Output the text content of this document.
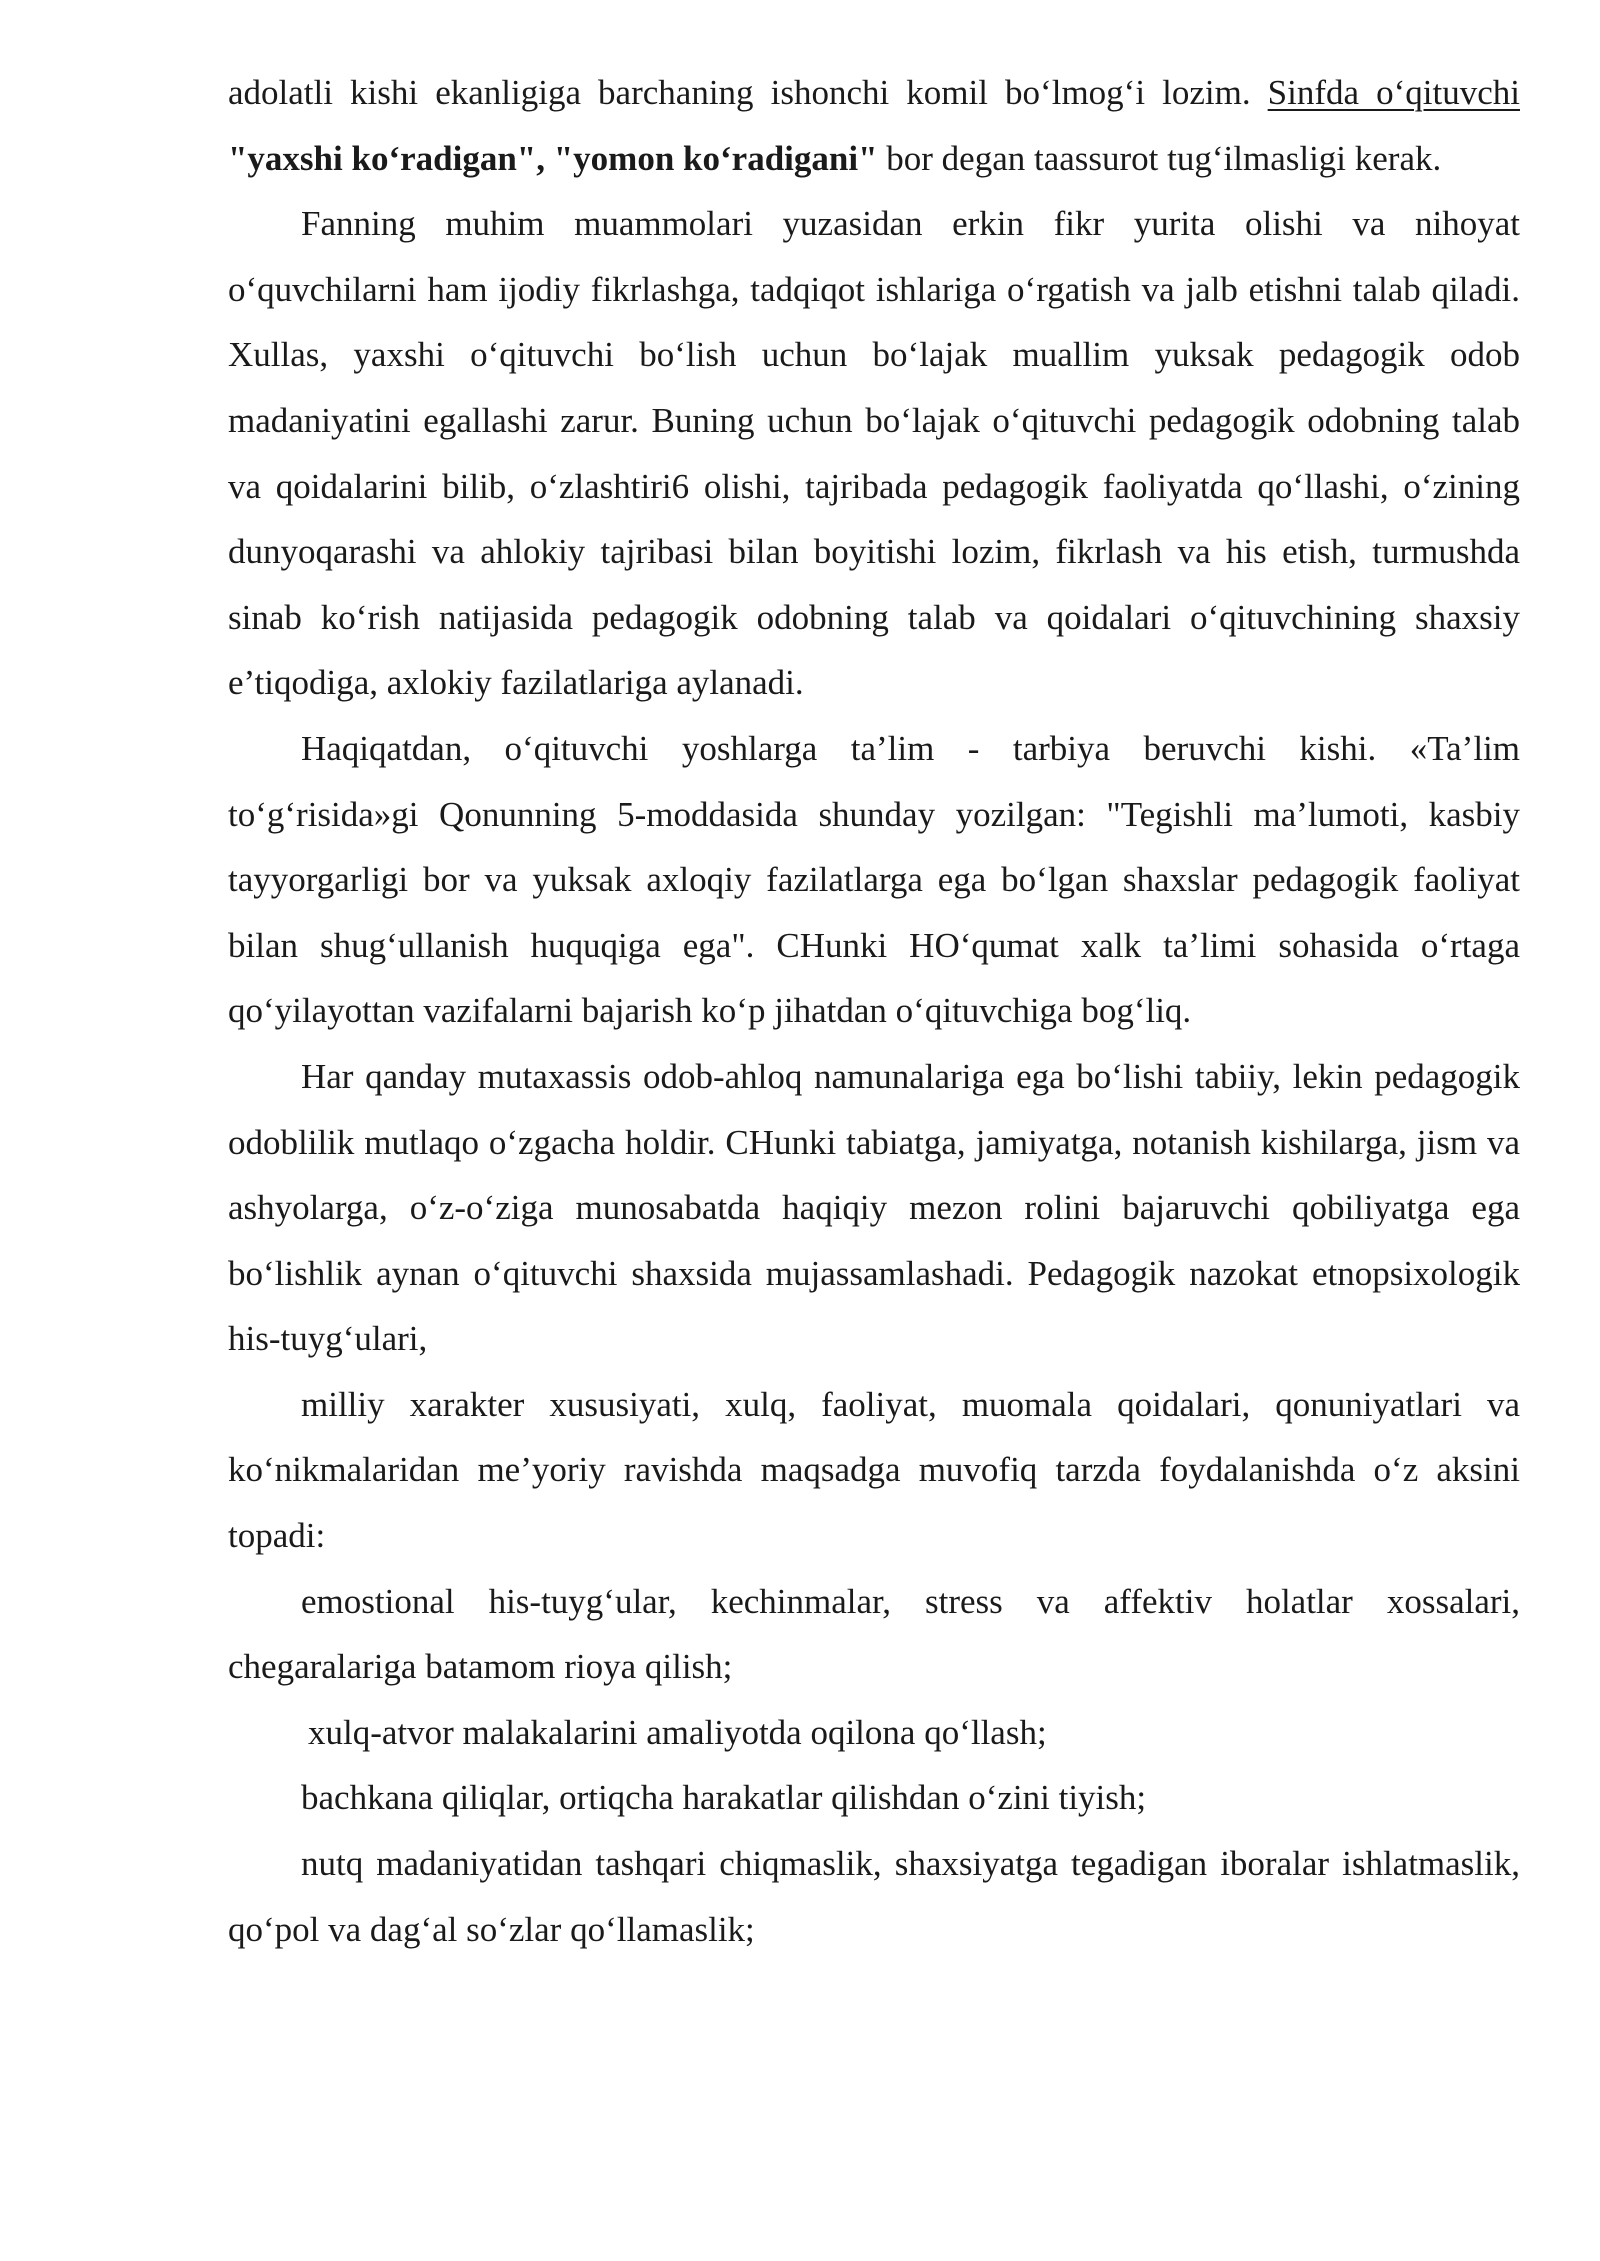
adolatli kishi ekanligiga barchaning ishonchi komil bo‘lmog‘i lozim. Sinfda o‘qituvchi "yaxshi ko‘radigan", "yomon ko‘radigani" bor degan taassurot tug‘ilmasligi kerak.

Fanning muhim muammolari yuzasidan erkin fikr yurita olishi va nihoyat o‘quvchilarni ham ijodiy fikrlashga, tadqiqot ishlariga o‘rgatish va jalb etishni talab qiladi. Xullas, yaxshi o‘qituvchi bo‘lish uchun bo‘lajak muallim yuksak pedagogik odob madaniyatini egallashi zarur. Buning uchun bo‘lajak o‘qituvchi pedagogik odobning talab va qoidalarini bilib, o‘zlashtiri6 olishi, tajribada pedagogik faoliyatda qo‘llashi, o‘zining dunyoqarashi va ahlokiy tajribasi bilan boyitishi lozim, fikrlash va his etish, turmushda sinab ko‘rish natijasida pedagogik odobning talab va qoidalari o‘qituvchining shaxsiy e’tiqodiga, axlokiy fazilatlariga aylanadi.

Haqiqatdan, o‘qituvchi yoshlarga ta’lim - tarbiya beruvchi kishi. «Ta’lim to‘g‘risida»gi Qonunning 5-moddasida shunday yozilgan: "Tegishli ma’lumoti, kasbiy tayyorgarligi bor va yuksak axloqiy fazilatlarga ega bo‘lgan shaxslar pedagogik faoliyat bilan shug‘ullanish huquqiga ega". CHunki HO‘qumat xalk ta’limi sohasida o‘rtaga qo‘yilayottan vazifalarni bajarish ko‘p jihatdan o‘qituvchiga bog‘liq.

Har qanday mutaxassis odob-ahloq namunalariga ega bo‘lishi tabiiy, lekin pedagogik odoblilik mutlaqo o‘zgacha holdir. CHunki tabiatga, jamiyatga, notanish kishilarga, jism va ashyolarga, o‘z-o‘ziga munosabatda haqiqiy mezon rolini bajaruvchi qobiliyatga ega bo‘lishlik aynan o‘qituvchi shaxsida mujassamlashadi. Pedagogik nazokat etnopsixologik his-tuyg‘ulari,

milliy xarakter xususiyati, xulq, faoliyat, muomala qoidalari, qonuniyatlari va ko‘nikmalaridan me’yoriy ravishda maqsadga muvofiq tarzda foydalanishda o‘z aksini topadi:

emostional his-tuyg‘ular, kechinmalar, stress va affektiv holatlar xossalari, chegaralariga batamom rioya qilish;

xulq-atvor malakalarini amaliyotda oqilona qo‘llash;

bachkana qiliqlar, ortiqcha harakatlar qilishdan o‘zini tiyish;

nutq madaniyatidan tashqari chiqmaslik, shaxsiyatga tegadigan iboralar ishlatmaslik, qo‘pol va dag‘al so‘zlar qo‘llamaslik;
